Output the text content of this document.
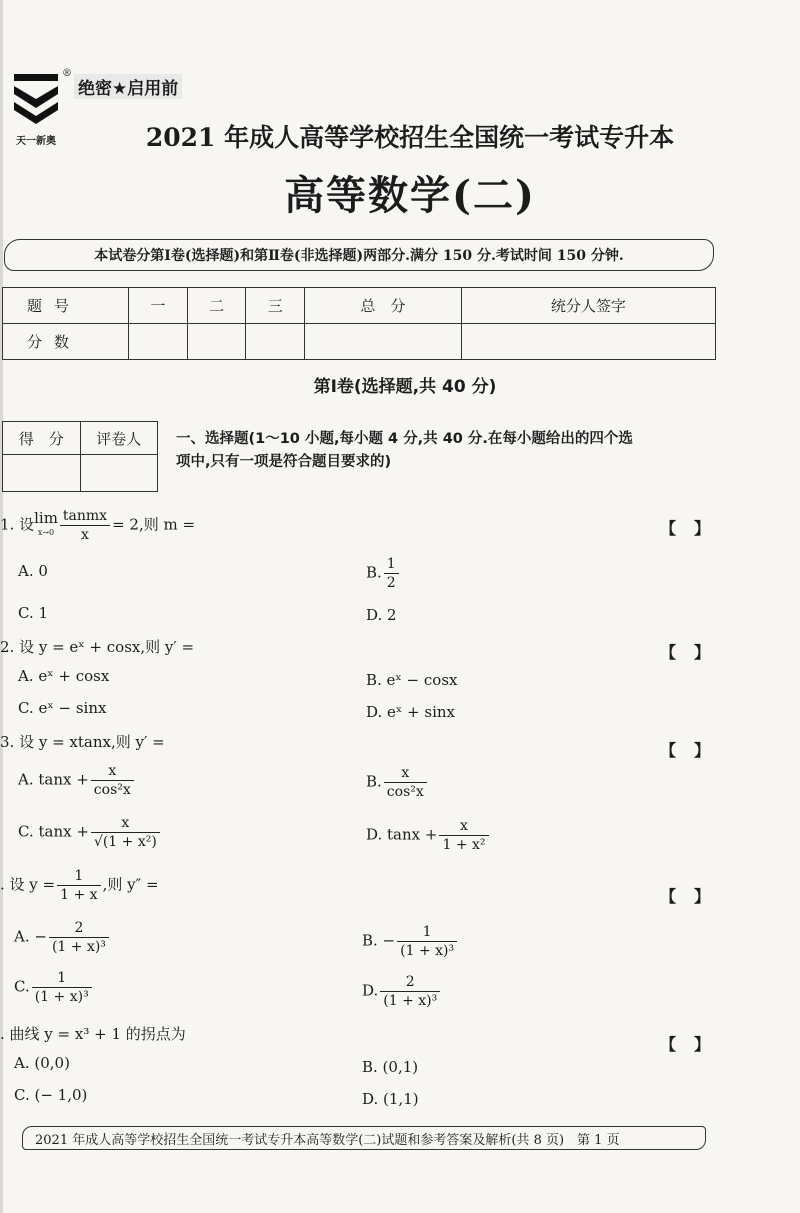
天一新奥
®
绝密★启用前
2021 年成人高等学校招生全国统一考试专升本
高等数学(二)
本试卷分第Ⅰ卷(选择题)和第Ⅱ卷(非选择题)两部分.满分 150 分.考试时间 150 分钟.
题号	一	二	三	总　分	统分人签字
分数					
第Ⅰ卷(选择题,共 40 分)
得　分	评卷人
	一、选择题(1～10 小题,每小题 4 分,共 40 分.在每小题给出的四个选项中,只有一项是符合题目要求的)
1. 设lim
$x\to 0 \frac{\text{tanmx}}{x} = 2$,则 m =	【】
A. 0	B. $\frac{1}{2}$
C. 1	D. 2
2. 设 y = eˣ + cosx,则 y′ =	【】
A. eˣ + cosx	B. eˣ − cosx
C. eˣ − sinx	D. eˣ + sinx
3. 设 y = xtanx,则 y′ =	【】
A. $\tan x + \frac{x}{\text{cos²x}}$	B. $\frac{x}{\text{cos²x}}$
C. $\tan x + \frac{x}{\text{√(1 + x²)}}$	D. $\tan x + \frac{x}{\text{1 + x²}}$
. 设 $y = \frac{1}{1 + x}$ ,则 y″ =
【】
A. − $\frac{2}{\text{(1 + x)³}}$	B. − $\frac{1}{\text{(1 + x)³}}$
C. $\frac{1}{\text{(1 + x)³}}$	D. $\frac{2}{\text{(1 + x)³}}$
. 曲线 y = x³ + 1 的拐点为
【】
A. (0,0)	B. (0,1)
C. (− 1,0)	D. (1,1)
2021 年成人高等学校招生全国统一考试专升本高等数学(二)试题和参考答案及解析(共 8 页)　第 1 页
